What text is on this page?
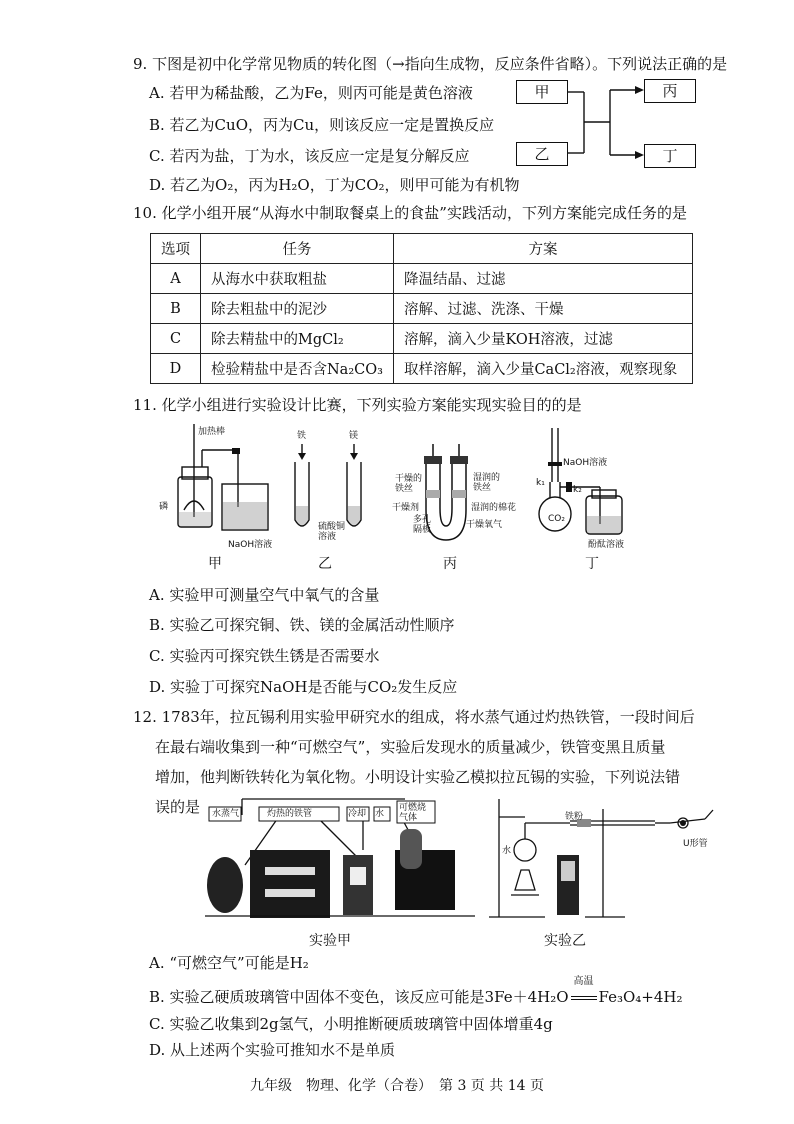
9. 下图是初中化学常见物质的转化图（→指向生成物，反应条件省略）。下列说法正确的是
A. 若甲为稀盐酸，乙为Fe，则丙可能是黄色溶液
B. 若乙为CuO，丙为Cu，则该反应一定是置换反应
C. 若丙为盐，丁为水，该反应一定是复分解反应
D. 若乙为O₂，丙为H₂O，丁为CO₂，则甲可能为有机物
甲
乙
丙
丁
10. 化学小组开展“从海水中制取餐桌上的食盐”实践活动，下列方案能完成任务的是
选项	任务	方案
A	从海水中获取粗盐	降温结晶、过滤
B	除去粗盐中的泥沙	溶解、过滤、洗涤、干燥
C	除去精盐中的MgCl₂	溶解，滴入少量KOH溶液，过滤
D	检验精盐中是否含Na₂CO₃	取样溶解，滴入少量CaCl₂溶液，观察现象
11. 化学小组进行实验设计比赛，下列实验方案能实现实验目的的是
加热棒
磷
NaOH溶液
铁	镁
硫酸铜溶液
干燥的铁丝
湿润的铁丝
干燥剂	湿润的棉花
多孔隔板	干燥氧气
NaOH溶液
k₁
k₂
CO₂
酚酞溶液
甲	乙	丙	丁
A. 实验甲可测量空气中氧气的含量
B. 实验乙可探究铜、铁、镁的金属活动性顺序
C. 实验丙可探究铁生锈是否需要水
D. 实验丁可探究NaOH是否能与CO₂发生反应
12. 1783年，拉瓦锡利用实验甲研究水的组成，将水蒸气通过灼热铁管，一段时间后
在最右端收集到一种“可燃空气”，实验后发现水的质量减少，铁管变黑且质量
增加，他判断铁转化为氧化物。小明设计实验乙模拟拉瓦锡的实验，下列说法错
误的是 水蒸气	灼热的铁管	冷却 水
可燃烧气体	铁粉
水
U形管
实验甲	实验乙
A. “可燃空气”可能是H₂
B. 实验乙硬质玻璃管中固体不变色，该反应可能是3Fe＋4H₂O
高温
Fe₃O₄+4H₂
C. 实验乙收集到2g氢气，小明推断硬质玻璃管中固体增重4g
D. 从上述两个实验可推知水不是单质
九年级　物理、化学（合卷）　第 3 页 共 14 页
